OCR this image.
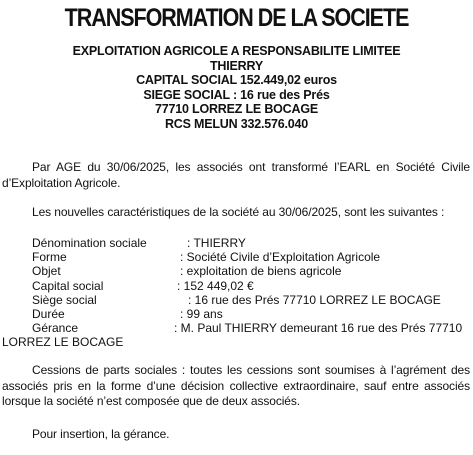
TRANSFORMATION DE LA SOCIETE
EXPLOITATION AGRICOLE A RESPONSABILITE LIMITEE
THIERRY
CAPITAL SOCIAL 152.449,02 euros
SIEGE SOCIAL : 16 rue des Prés
77710 LORREZ LE BOCAGE
RCS MELUN 332.576.040
Par AGE du 30/06/2025, les associés ont transformé l’EARL en Société Civile d’Exploitation Agricole.
Les nouvelles caractéristiques de la société au 30/06/2025, sont les suivantes :
Dénomination sociale	: THIERRY
Forme	: Société Civile d’Exploitation Agricole
Objet	: exploitation de biens agricole
Capital social	: 152 449,02 €
Siège social	: 16 rue des Prés 77710 LORREZ LE BOCAGE
Durée	: 99 ans
Gérance	: M. Paul THIERRY demeurant 16 rue des Prés 77710
LORREZ LE BOCAGE
Cessions de parts sociales : toutes les cessions sont soumises à l’agrément des associés pris en la forme d’une décision collective extraordinaire, sauf entre associés lorsque la société n’est composée que de deux associés.
Pour insertion, la gérance.
